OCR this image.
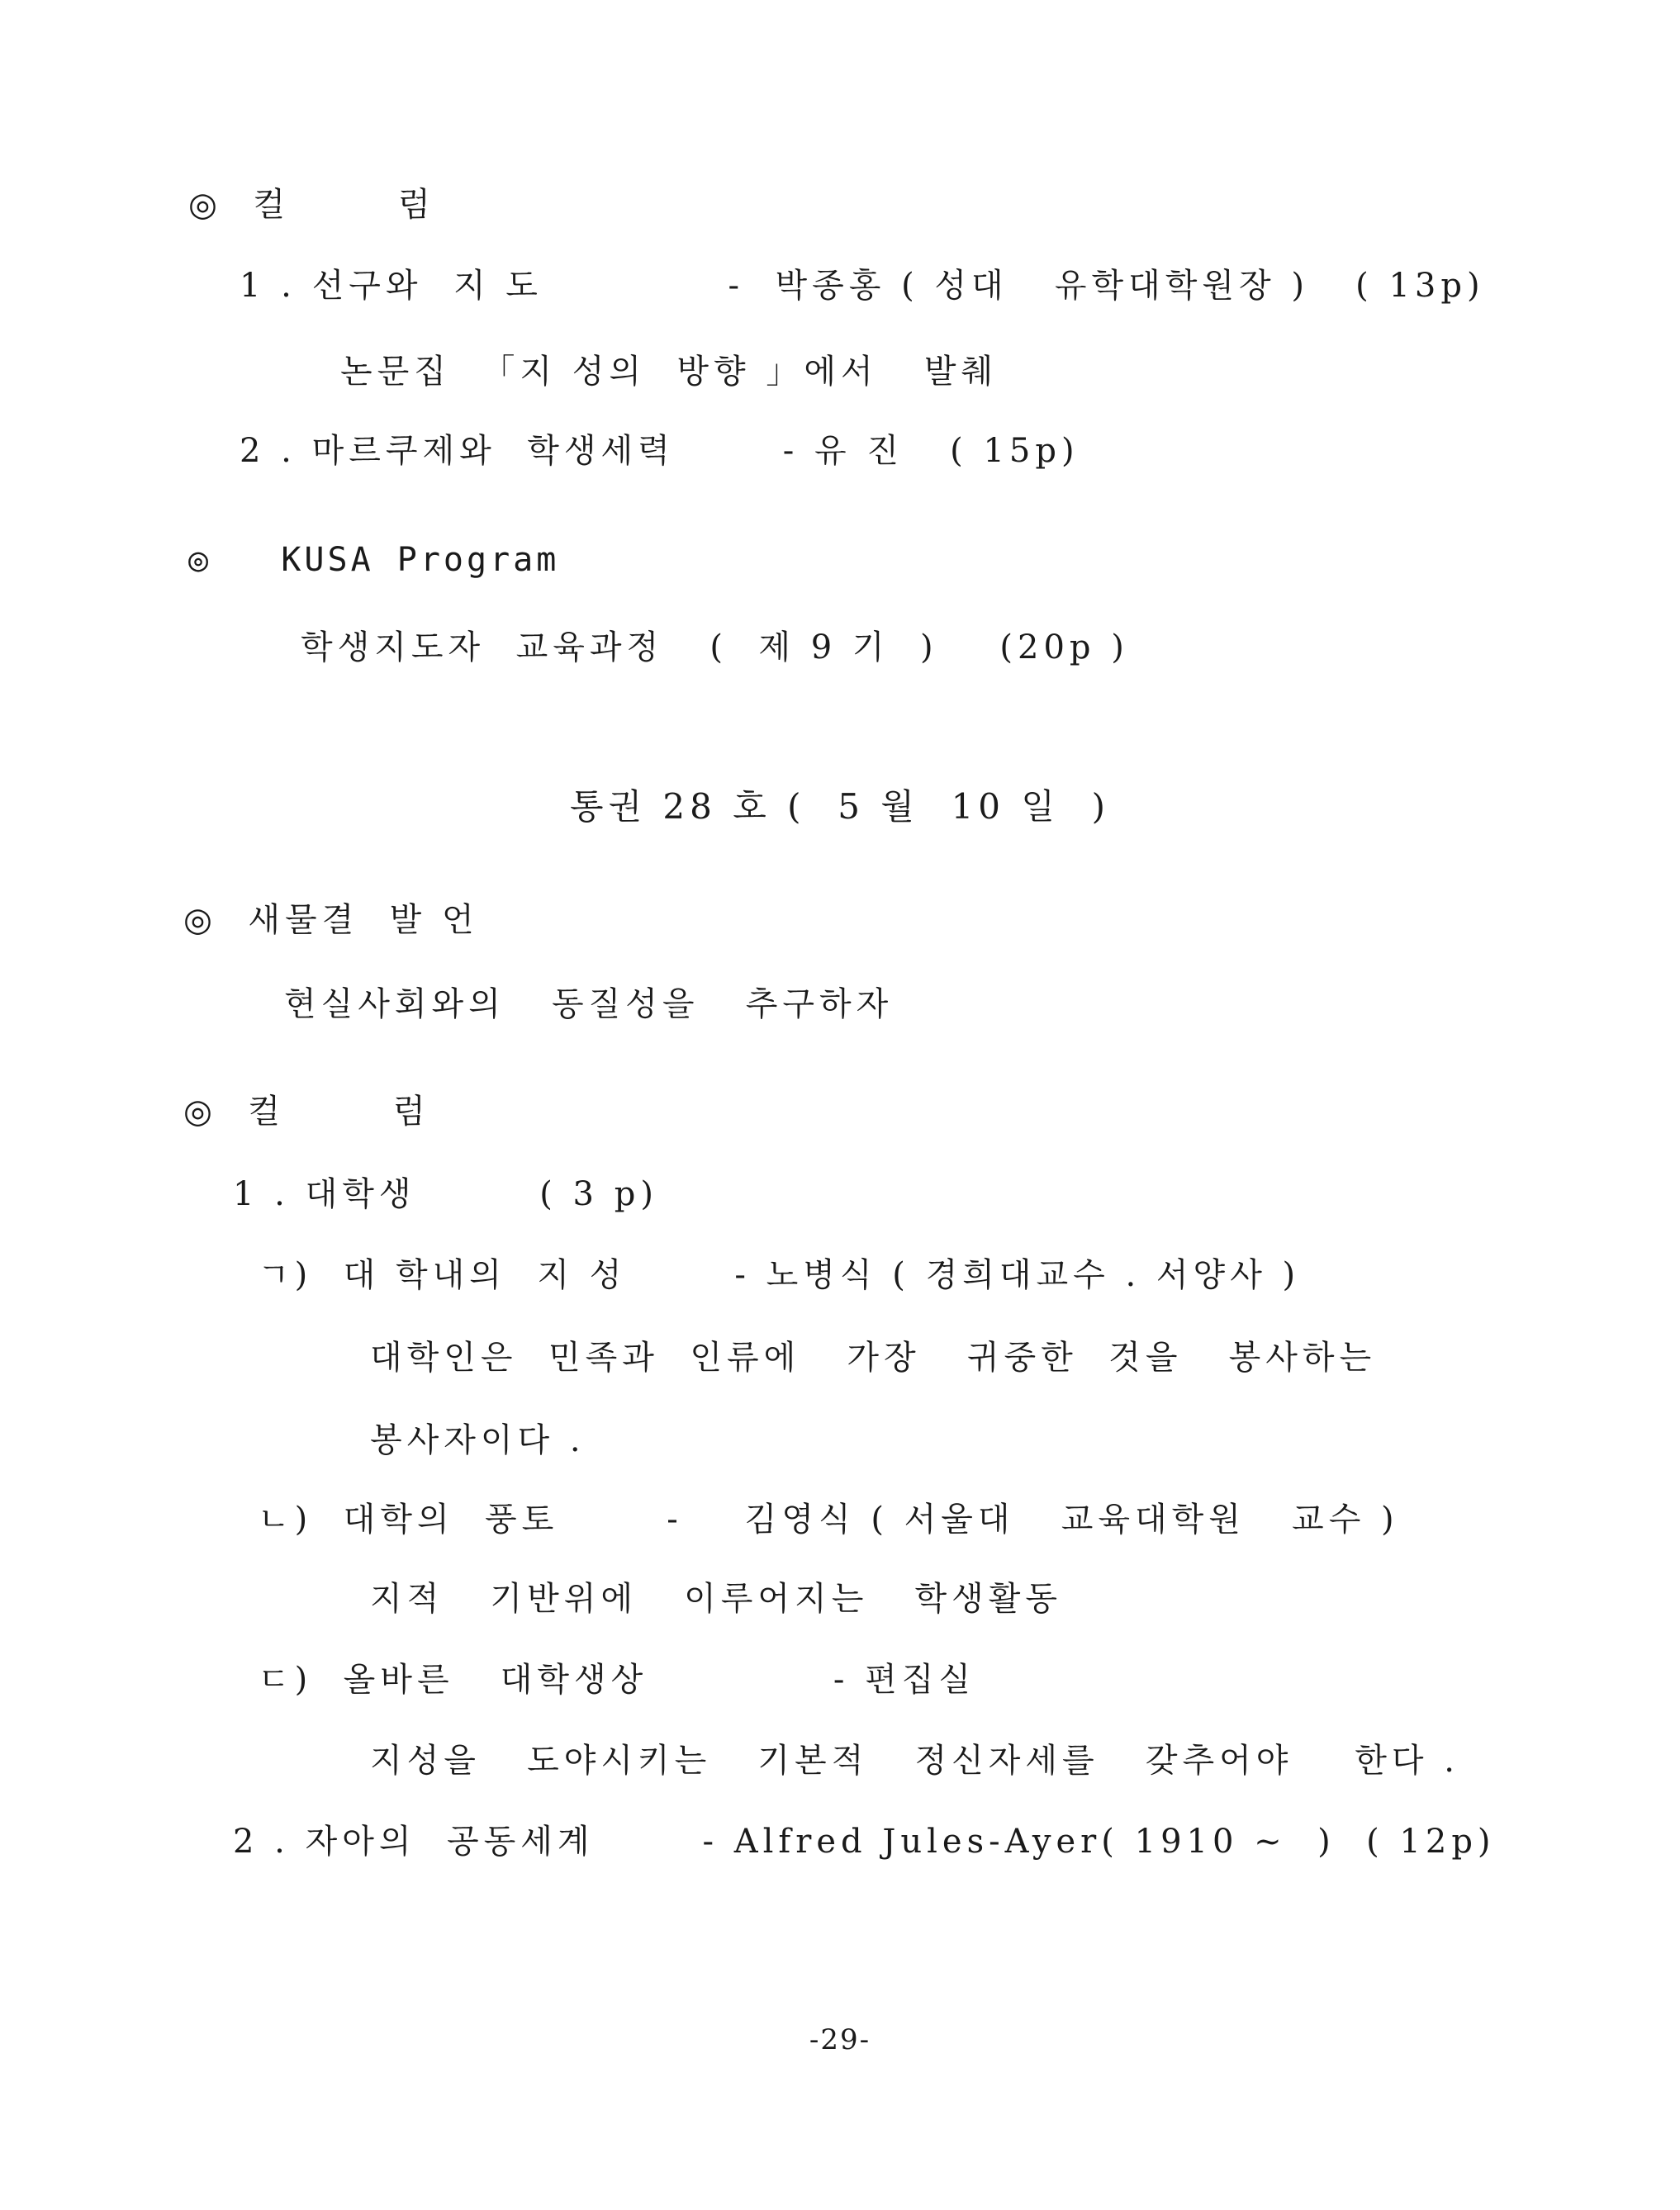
◎  컬       럼
1 . 선구와  지 도            -  박종홍 ( 성대   유학대학원장 )   ( 13p)
논문집  「지 성의  방향 」에서   발췌
2 . 마르쿠제와  학생세력       - 유 진   ( 15p)
◎   KUSA Program
학생지도자  교육과정   (  제 9 기  )    (20p )
통권 28 호 (  5 월  10 일  )
◎  새물결  발 언
현실사회와의   동질성을   추구하자
◎  컬       럼
1 . 대학생        ( 3 p)
ㄱ)  대 학내의  지 성       - 노병식 ( 경희대교수 . 서양사 )
대학인은  민족과  인류에   가장   귀중한  것을   봉사하는
봉사자이다 .
ㄴ)  대학의  풍토       -    김영식 ( 서울대   교육대학원   교수 )
지적   기반위에   이루어지는   학생활동
ㄷ)  올바른   대학생상            - 편집실
지성을   도야시키는   기본적   정신자세를   갖추어야    한다 .
2 . 자아의  공동세계       - Alfred Jules-Ayer( 1910 ~  )  ( 12p)
-29-
